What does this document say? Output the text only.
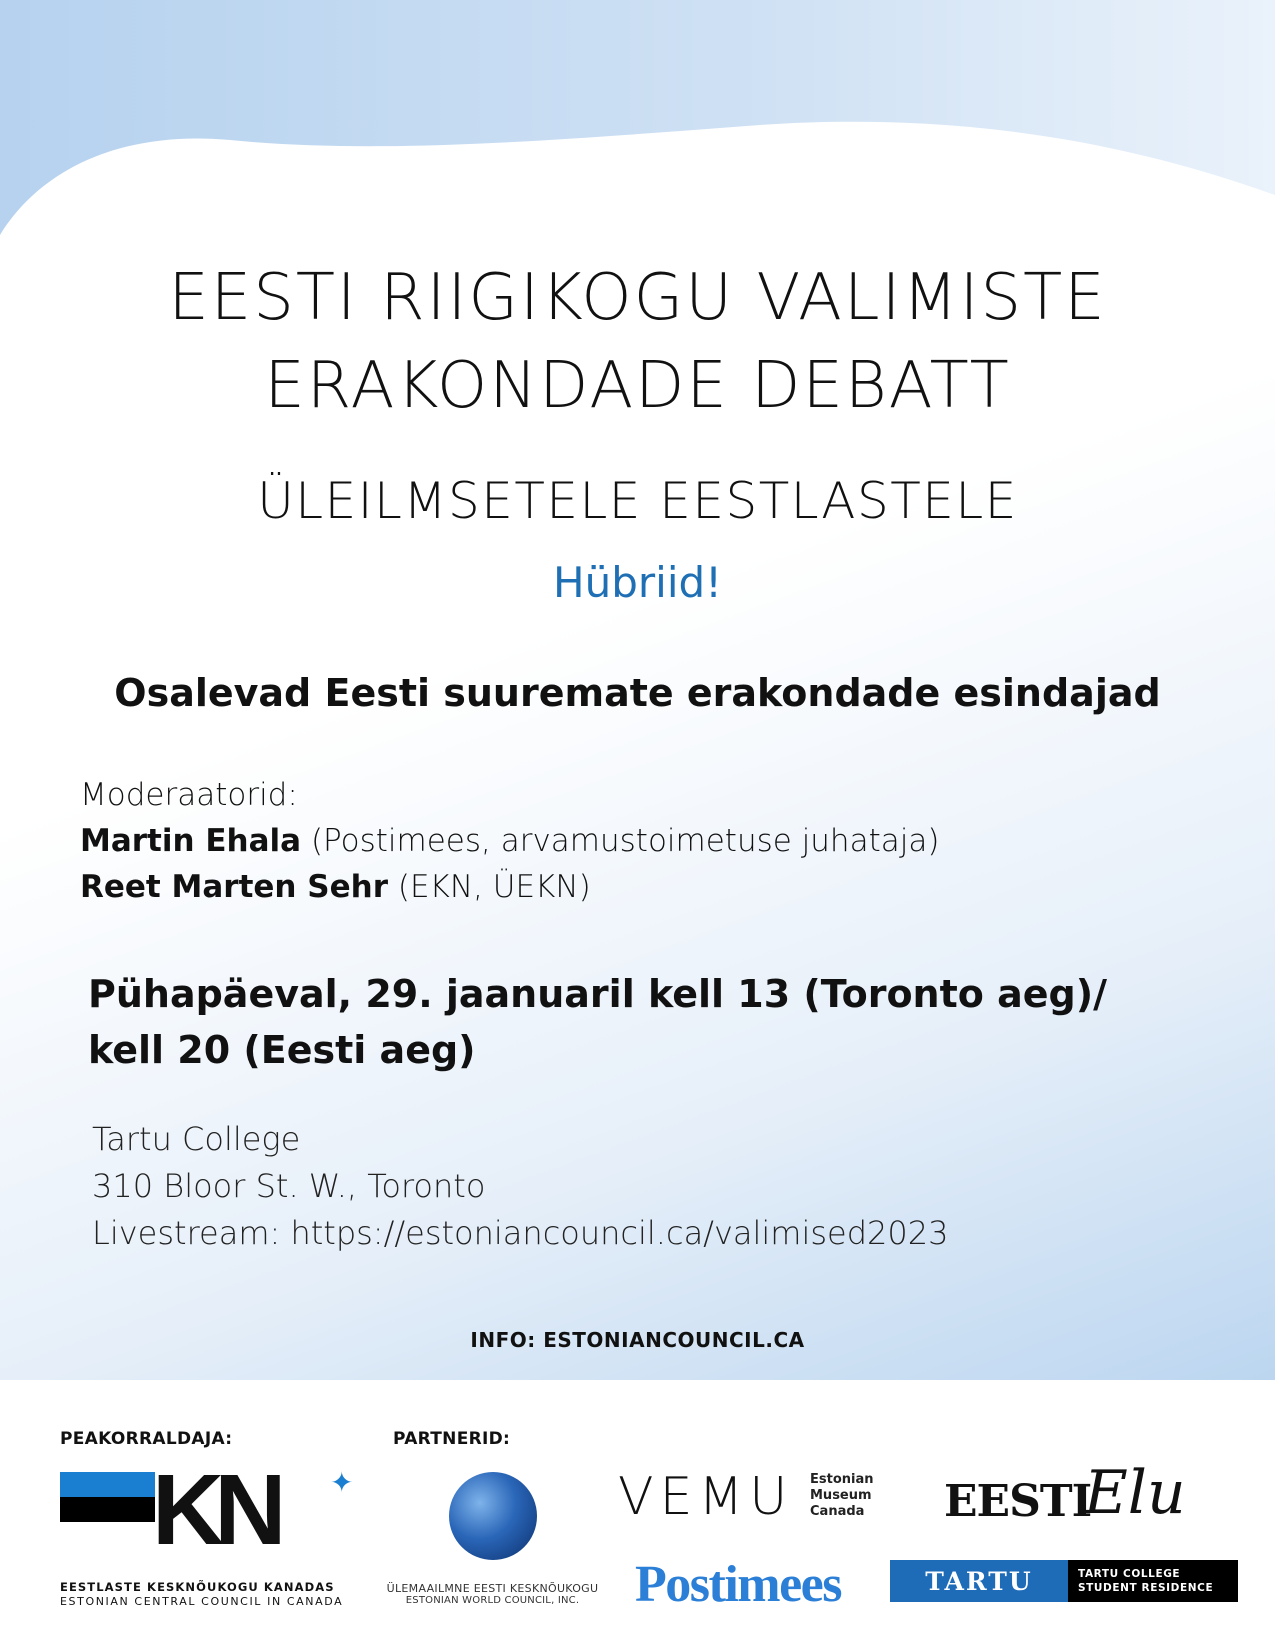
EESTI RIIGIKOGU VALIMISTE
ERAKONDADE DEBATT
ÜLEILMSETELE EESTLASTELE
Hübriid!
Osalevad Eesti suuremate erakondade esindajad
Moderaatorid:
Martin Ehala (Postimees, arvamustoimetuse juhataja)
Reet Marten Sehr (EKN, ÜEKN)
Pühapäeval, 29. jaanuaril kell 13 (Toronto aeg)/
kell 20 (Eesti aeg)
Tartu College
310 Bloor St. W., Toronto
Livestream: https://estoniancouncil.ca/valimised2023
INFO: ESTONIANCOUNCIL.CA
PEAKORRALDAJA:	PARTNERID:
KN ✦
EESTLASTE KESKNÕUKOGU KANADAS
ESTONIAN CENTRAL COUNCIL IN CANADA
ÜLEMAAILMNE EESTI KESKNÕUKOGU
ESTONIAN WORLD COUNCIL, INC.
VEMU Estonian
Museum
Canada EESTI
Elu
Postimees	TARTU	TARTU COLLEGE
STUDENT RESIDENCE
